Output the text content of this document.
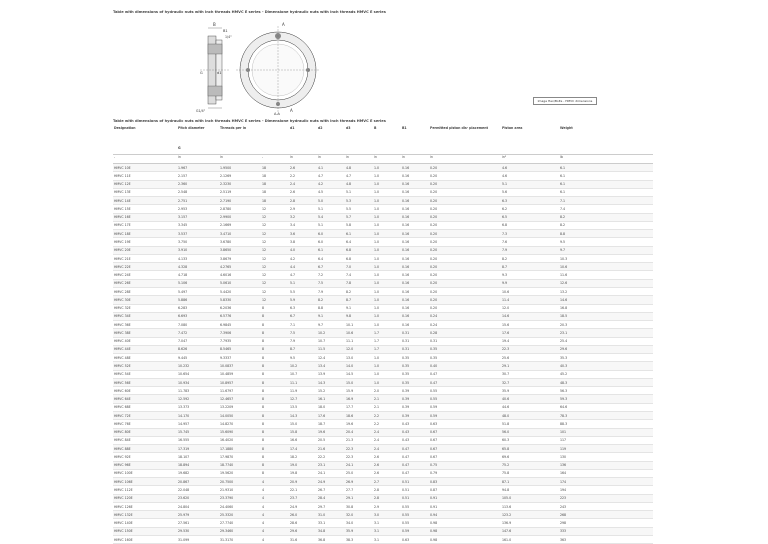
Table with dimensions of hydraulic nuts with inch threads HMVC E series - Dimensione hydraulic nuts with inch threads HMVC E series
B
B1
1/4"
G	d1
G1/4"
A
A
A-A
Image Hex/Bolts - HMVC dimensions
Table with dimensions of hydraulic nuts with inch threads HMVC E series - Dimensione hydraulic nuts with inch threads HMVC E series
Designation	Pitch diameter	Threads per in		d1	d2	d3	B	B1	Permitted piston dis- placement	Piston area	Weight
	G										
-	in	in	-	in	in	in	in	in	in	in²	lb
HMVC 10E	1.967	1.9500	18	2.6	4.1	4.8	1.0	0.16	0.20	4.6	6.1
HMVC 11E	2.157	2.1269	18	2.2	4.7	4.7	1.0	0.16	0.20	4.6	6.1
HMVC 12E	2.360	2.3230	18	2.4	4.2	4.8	1.0	0.16	0.20	5.1	6.1
HMVC 13E	2.548	2.5119	18	2.6	4.5	5.1	1.0	0.16	0.20	5.6	6.1
HMVC 14E	2.751	2.7190	18	2.8	5.0	5.3	1.0	0.16	0.20	6.3	7.1
HMVC 15E	2.953	2.8780	12	2.9	5.1	5.5	1.0	0.16	0.20	6.2	7.4
HMVC 16E	3.157	2.9900	12	3.2	5.4	5.7	1.0	0.16	0.20	6.5	8.2
HMVC 17E	3.345	2.1669	12	3.4	5.1	5.8	1.0	0.16	0.20	6.8	8.2
HMVC 18E	3.537	3.4710	12	3.6	6.0	6.1	1.0	0.16	0.20	7.3	8.8
HMVC 19E	3.750	3.6780	12	3.8	6.0	6.4	1.0	0.16	0.20	7.6	9.5
HMVC 20E	3.910	3.8650	12	4.0	6.1	6.8	1.0	0.16	0.20	7.9	9.7
HMVC 21E	4.133	3.8679	12	4.2	6.4	6.8	1.0	0.16	0.20	8.2	10.3
HMVC 22E	4.328	4.2765	12	4.4	6.7	7.0	1.0	0.16	0.20	8.7	10.6
HMVC 24E	4.718	4.6016	12	4.7	7.2	7.4	1.0	0.16	0.20	9.3	11.6
HMVC 26E	5.106	5.0610	12	5.1	7.5	7.8	1.0	0.16	0.20	9.9	12.6
HMVC 28E	5.497	5.4420	12	5.5	7.9	8.2	1.0	0.16	0.20	10.6	13.2
HMVC 30E	5.886	5.8330	12	5.9	8.2	8.7	1.0	0.16	0.20	11.4	14.6
HMVC 32E	6.283	6.2036	8	6.3	8.8	9.1	1.0	0.16	0.20	12.0	16.8
HMVC 34E	6.693	6.5776	8	6.7	9.1	9.8	1.0	0.16	0.24	14.6	18.5
HMVC 36E	7.080	6.9845	8	7.1	9.7	10.1	1.0	0.16	0.24	15.6	20.3
HMVC 38E	7.472	7.3906	8	7.5	10.2	10.6	1.7	0.31	0.28	17.6	23.1
HMVC 40E	7.047	7.7935	8	7.9	10.7	11.1	1.7	0.31	0.31	19.4	25.4
HMVC 44E	8.626	8.5465	8	8.7	11.5	12.0	1.7	0.31	0.35	22.3	29.6
HMVC 48E	9.445	9.3337	8	9.5	12.4	13.0	1.0	0.35	0.35	25.6	35.3
HMVC 52E	10.232	10.0837	8	10.2	13.4	14.0	1.0	0.35	0.40	29.1	40.3
HMVC 54E	10.654	10.4859	8	10.7	13.9	14.5	1.0	0.35	0.47	30.7	45.2
HMVC 56E	10.934	10.8957	8	11.1	14.3	15.0	1.0	0.35	0.47	32.7	48.3
HMVC 60E	11.783	11.6797	8	11.9	15.2	15.9	2.0	0.39	0.55	35.9	56.3
HMVC 64E	12.592	12.4657	8	12.7	16.1	16.9	2.1	0.39	0.55	40.6	59.3
HMVC 68E	13.373	13.2209	8	13.5	18.0	17.7	2.1	0.39	0.59	44.6	64.6
HMVC 72E	14.170	14.0050	8	14.3	17.6	18.6	2.2	0.39	0.59	48.0	78.3
HMVC 76E	14.957	14.8270	8	15.0	18.7	19.6	2.2	0.43	0.63	51.8	88.3
HMVC 80E	15.745	15.6090	8	15.8	19.6	20.4	2.4	0.43	0.67	56.0	101
HMVC 84E	16.555	16.4020	8	16.6	20.5	21.3	2.4	0.43	0.67	60.3	117
HMVC 88E	17.319	17.1880	8	17.4	21.6	22.3	2.4	0.47	0.67	65.8	119
HMVC 92E	18.107	17.9870	8	18.2	22.2	22.3	2.6	0.47	0.67	69.6	130
HMVC 96E	18.894	18.7740	8	19.0	23.1	24.1	2.6	0.47	0.75	75.2	136
HMVC 100E	19.682	19.5620	8	19.8	24.1	25.0	2.6	0.47	0.79	75.8	164
HMVC 106E	20.867	20.7500	4	20.9	24.9	26.9	2.7	0.51	0.83	87.1	174
HMVC 112E	22.048	21.9310	4	22.1	26.7	27.7	2.8	0.51	0.87	94.8	194
HMVC 120E	23.620	23.3790	4	23.7	28.4	29.1	2.8	0.51	0.91	105.0	223
HMVC 126E	24.804	24.4060	4	24.9	29.7	30.8	2.9	0.55	0.91	113.6	243
HMVC 132E	25.979	25.3320	4	26.0	31.0	32.0	3.0	0.55	0.94	123.2	268
HMVC 140E	27.561	27.7740	4	28.6	33.1	34.0	3.1	0.55	0.98	136.9	298
HMVC 150E	29.530	29.3460	4	29.6	34.8	35.9	3.1	0.59	0.98	147.6	333
HMVC 160E	31.099	31.3170	4	31.6	36.8	38.3	3.1	0.63	0.98	161.0	363
